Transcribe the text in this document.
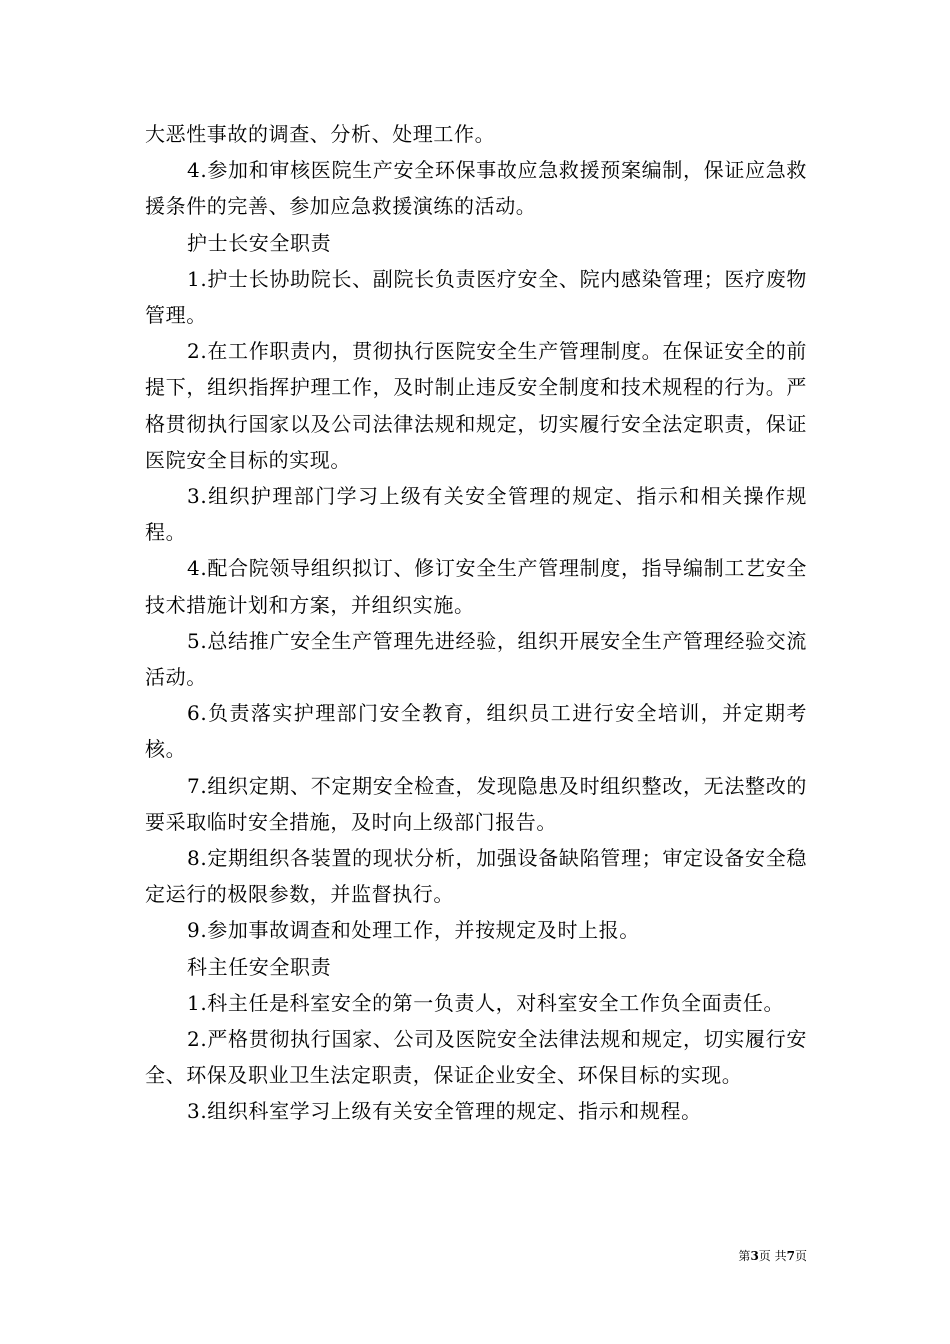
大恶性事故的调查、分析、处理工作。

4.参加和审核医院生产安全环保事故应急救援预案编制，保证应急救援条件的完善、参加应急救援演练的活动。

护士长安全职责

1.护士长协助院长、副院长负责医疗安全、院内感染管理；医疗废物管理。

2.在工作职责内，贯彻执行医院安全生产管理制度。在保证安全的前提下，组织指挥护理工作，及时制止违反安全制度和技术规程的行为。严格贯彻执行国家以及公司法律法规和规定，切实履行安全法定职责，保证医院安全目标的实现。

3.组织护理部门学习上级有关安全管理的规定、指示和相关操作规程。

4.配合院领导组织拟订、修订安全生产管理制度，指导编制工艺安全技术措施计划和方案，并组织实施。

5.总结推广安全生产管理先进经验，组织开展安全生产管理经验交流活动。

6.负责落实护理部门安全教育，组织员工进行安全培训，并定期考核。

7.组织定期、不定期安全检查，发现隐患及时组织整改，无法整改的要采取临时安全措施，及时向上级部门报告。

8.定期组织各装置的现状分析，加强设备缺陷管理；审定设备安全稳定运行的极限参数，并监督执行。

9.参加事故调查和处理工作，并按规定及时上报。

科主任安全职责

1.科主任是科室安全的第一负责人，对科室安全工作负全面责任。

2.严格贯彻执行国家、公司及医院安全法律法规和规定，切实履行安全、环保及职业卫生法定职责，保证企业安全、环保目标的实现。

3.组织科室学习上级有关安全管理的规定、指示和规程。

第3页 共7页
